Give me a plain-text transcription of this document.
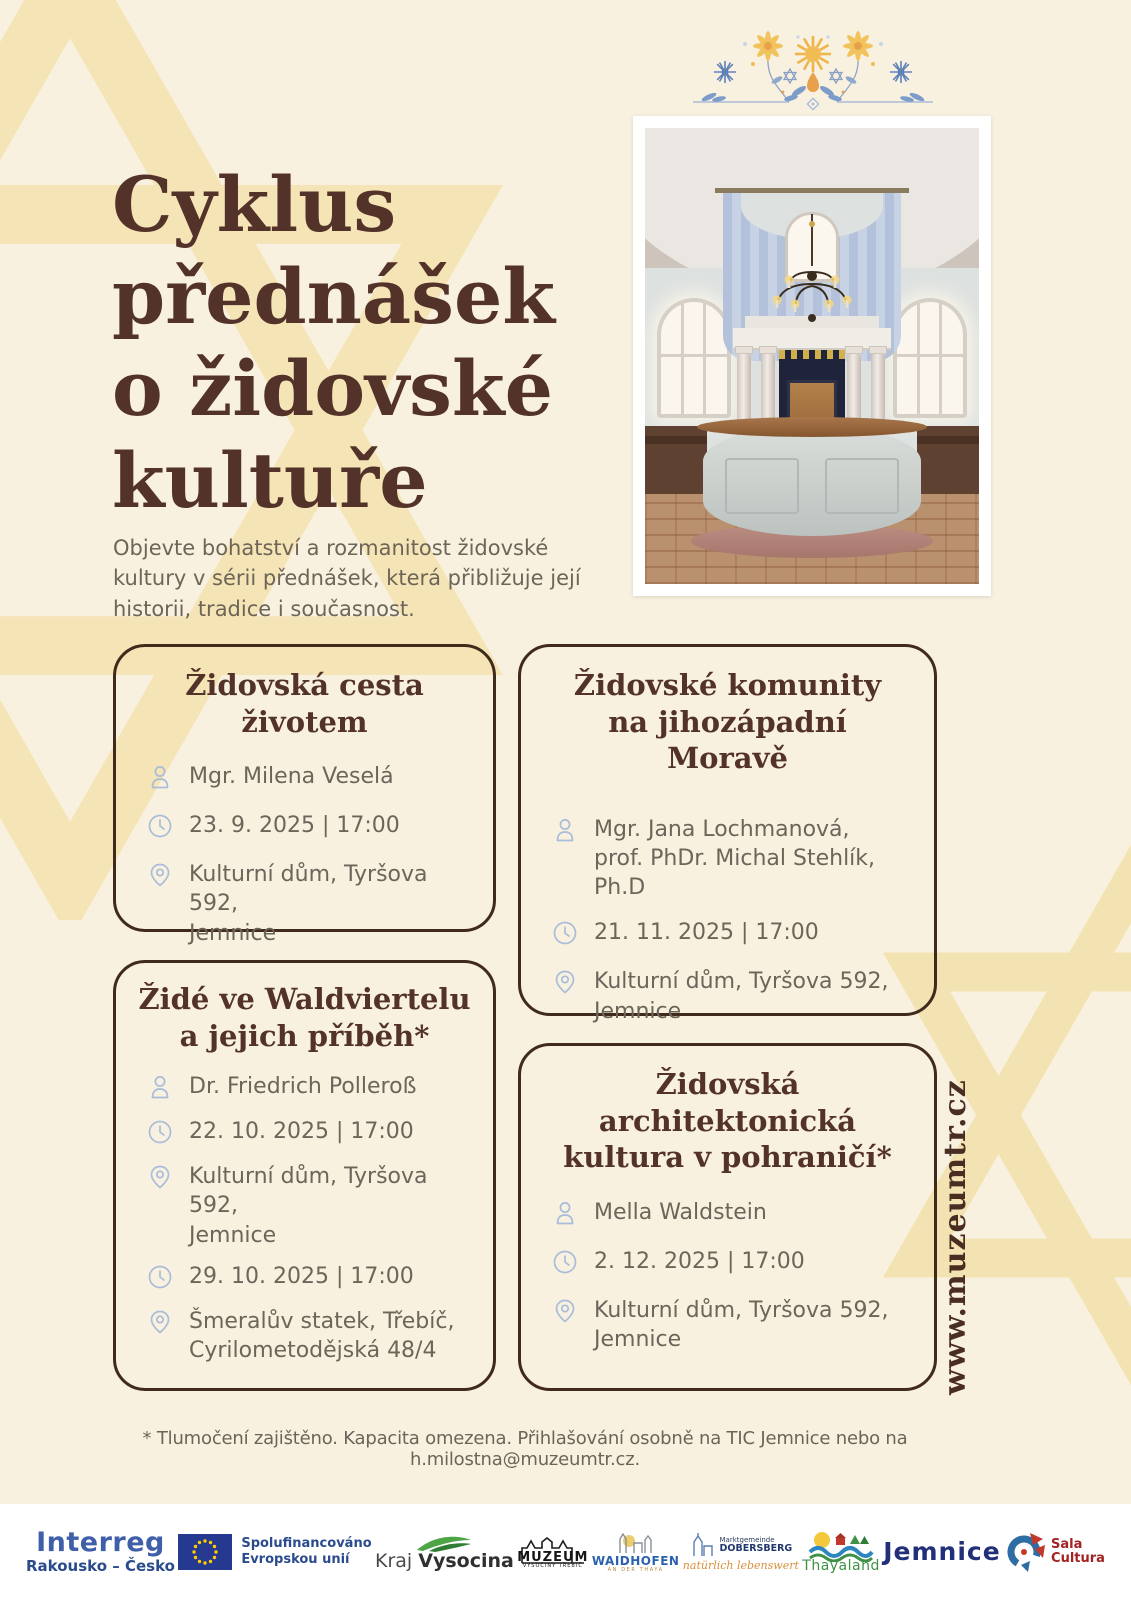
Cyklus
přednášek
o židovské
kultuře

Objevte bohatství a rozmanitost židovské kultury v sérii přednášek, která přibližuje její historii, tradice i současnost.

Židovská cesta
životem
Mgr. Milena Veselá
23. 9. 2025 | 17:00
Kulturní dům, Tyršova 592,
Jemnice
Židovské komunity
na jihozápadní Moravě
Mgr. Jana Lochmanová,
prof. PhDr. Michal Stehlík, Ph.D
21. 11. 2025 | 17:00
Kulturní dům, Tyršova 592,
Jemnice
Židé ve Waldviertelu
a jejich příběh*
Dr. Friedrich Polleroß
22. 10. 2025 | 17:00
Kulturní dům, Tyršova 592,
Jemnice
29. 10. 2025 | 17:00
Šmeralův statek, Třebíč,
Cyrilometodějská 48/4
Židovská
architektonická
kultura v pohraničí*
Mella Waldstein
2. 12. 2025 | 17:00
Kulturní dům, Tyršova 592,
Jemnice	www.muzeumtr.cz
* Tlumočení zajištěno. Kapacita omezena. Přihlašování osobně na TIC Jemnice nebo na h.milostna@muzeumtr.cz.
Interreg
Rakousko – Česko
Spolufinancováno
Evropskou unií	Kraj Vysocina MUZEUM
VYSOČINY TŘEBÍČ WAIDHOFEN
AN DER THAYA
Marktgemeinde
DOBERSBERG
natürlich lebenswert Thayaland
Jemnice	Sala
Cultura
